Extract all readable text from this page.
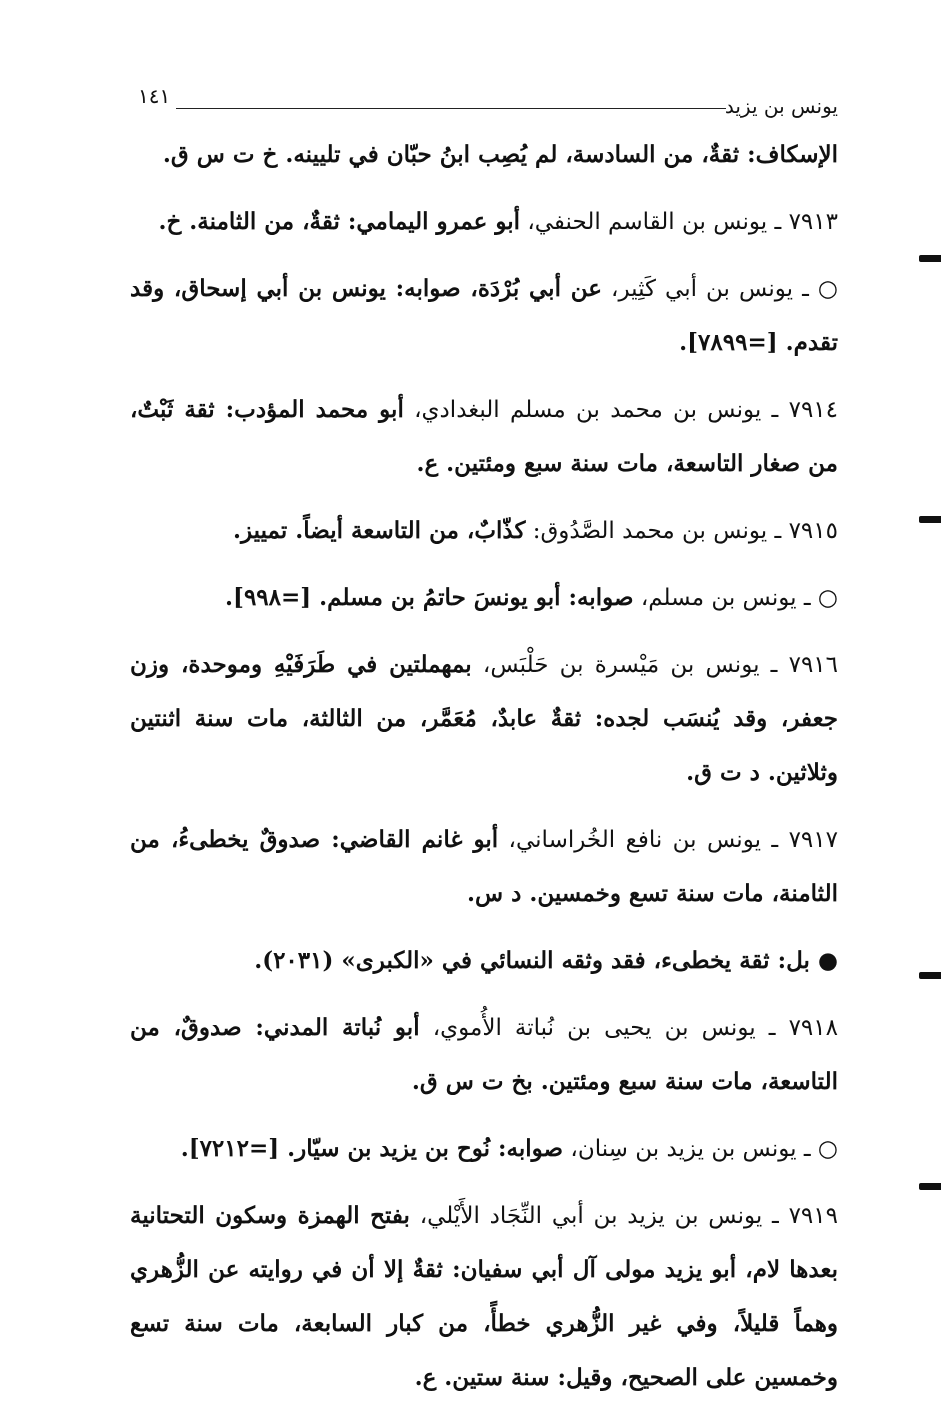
يونس بن يزيد
١٤١

الإسكاف: ثقةٌ، من السادسة، لم يُصِب ابنُ حبّان في تليينه. خ ت س ق.

٧٩١٣ ـ يونس بن القاسم الحنفي، أبو عمرو اليمامي: ثقةٌ، من الثامنة. خ.

○ ـ يونس بن أبي كَثِير، عن أبي بُرْدَة، صوابه: يونس بن أبي إسحاق، وقد تقدم. [=٧٨٩٩].

٧٩١٤ ـ يونس بن محمد بن مسلم البغدادي، أبو محمد المؤدب: ثقة ثَبْتٌ، من صغار التاسعة، مات سنة سبع ومئتين. ع.

٧٩١٥ ـ يونس بن محمد الصَّدُوق: كذّابٌ، من التاسعة أيضاً. تمييز.

○ ـ يونس بن مسلم، صوابه: أبو يونسَ حاتمُ بن مسلم. [=٩٩٨].

٧٩١٦ ـ يونس بن مَيْسرة بن حَلْبَس، بمهملتين في طَرَفَيْهِ وموحدة، وزن جعفر، وقد يُنسَب لجده: ثقةٌ عابدٌ، مُعَمَّر، من الثالثة، مات سنة اثنتين وثلاثين. د ت ق.

٧٩١٧ ـ يونس بن نافع الخُراساني، أبو غانم القاضي: صدوقٌ يخطىءُ، من الثامنة، مات سنة تسع وخمسين. د س.

● بل: ثقة يخطىء، فقد وثقه النسائي في «الكبرى» (٢٠٣١).

٧٩١٨ ـ يونس بن يحيى بن نُباتة الأُموي، أبو نُباتة المدني: صدوقٌ، من التاسعة، مات سنة سبع ومئتين. بخ ت س ق.

○ ـ يونس بن يزيد بن سِنان، صوابه: نُوح بن يزيد بن سيّار. [=٧٢١٢].

٧٩١٩ ـ يونس بن يزيد بن أبي النِّجَاد الأَيْلي، بفتح الهمزة وسكون التحتانية بعدها لام، أبو يزيد مولى آل أبي سفيان: ثقةٌ إلا أن في روايته عن الزُّهري وهماً قليلاً، وفي غير الزُّهري خطأً، من كبار السابعة، مات سنة تسع وخمسين على الصحيح، وقيل: سنة ستين. ع.
